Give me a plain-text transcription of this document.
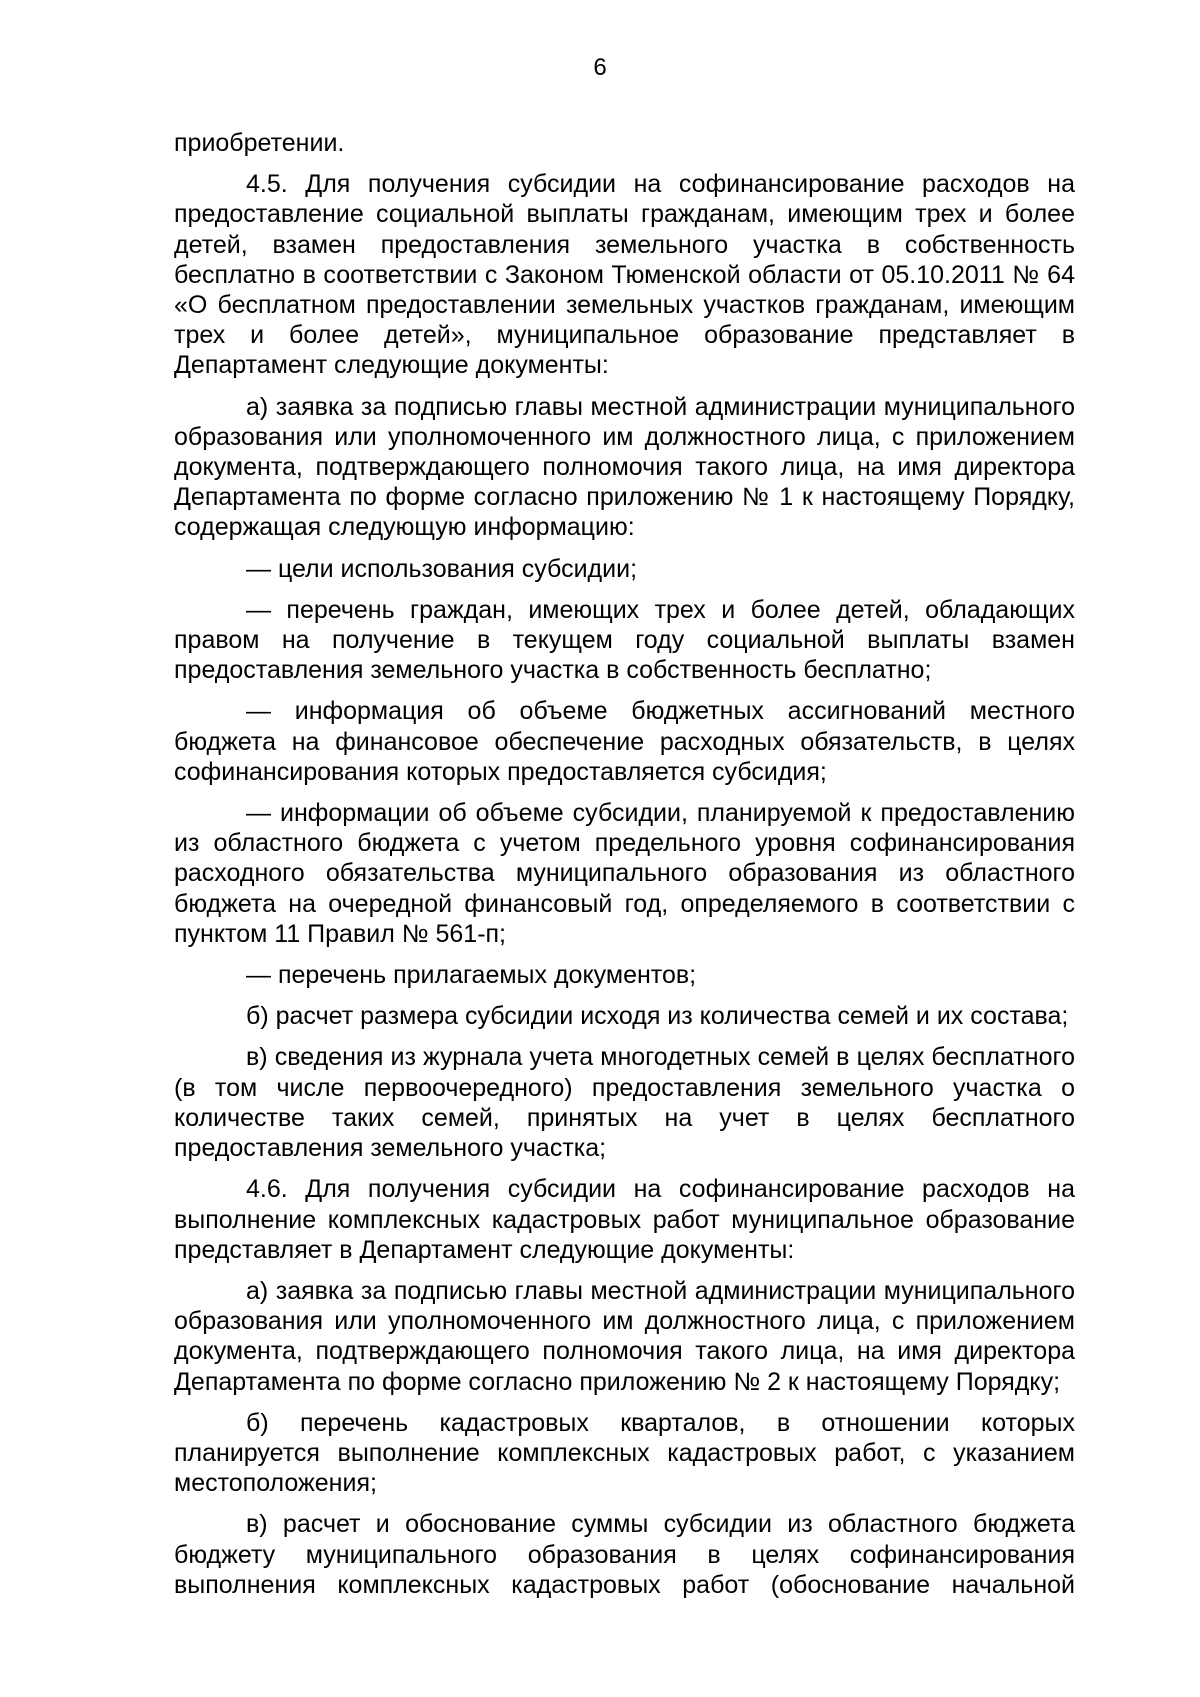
6

приобретении.

4.5. Для получения субсидии на софинансирование расходов на предоставление социальной выплаты гражданам, имеющим трех и более детей, взамен предоставления земельного участка в собственность бесплатно в соответствии с Законом Тюменской области от 05.10.2011 № 64 «О бесплатном предоставлении земельных участков гражданам, имеющим трех и более детей», муниципальное образование представляет в Департамент следующие документы:

а) заявка за подписью главы местной администрации муниципального образования или уполномоченного им должностного лица, с приложением документа, подтверждающего полномочия такого лица, на имя директора Департамента по форме согласно приложению № 1 к настоящему Порядку, содержащая следующую информацию:

— цели использования субсидии;

— перечень граждан, имеющих трех и более детей, обладающих правом на получение в текущем году социальной выплаты взамен предоставления земельного участка в собственность бесплатно;

— информация об объеме бюджетных ассигнований местного бюджета на финансовое обеспечение расходных обязательств, в целях софинансирования которых предоставляется субсидия;

— информации об объеме субсидии, планируемой к предоставлению из областного бюджета с учетом предельного уровня софинансирования расходного обязательства муниципального образования из областного бюджета на очередной финансовый год, определяемого в соответствии с пунктом 11 Правил № 561-п;

— перечень прилагаемых документов;

б) расчет размера субсидии исходя из количества семей и их состава;

в) сведения из журнала учета многодетных семей в целях бесплатного (в том числе первоочередного) предоставления земельного участка о количестве таких семей, принятых на учет в целях бесплатного предоставления земельного участка;

4.6. Для получения субсидии на софинансирование расходов на выполнение комплексных кадастровых работ муниципальное образование представляет в Департамент следующие документы:

а) заявка за подписью главы местной администрации муниципального образования или уполномоченного им должностного лица, с приложением документа, подтверждающего полномочия такого лица, на имя директора Департамента по форме согласно приложению № 2 к настоящему Порядку;

б) перечень кадастровых кварталов, в отношении которых планируется выполнение комплексных кадастровых работ, с указанием местоположения;

в) расчет и обоснование суммы субсидии из областного бюджета бюджету муниципального образования в целях софинансирования выполнения комплексных кадастровых работ (обоснование начальной
